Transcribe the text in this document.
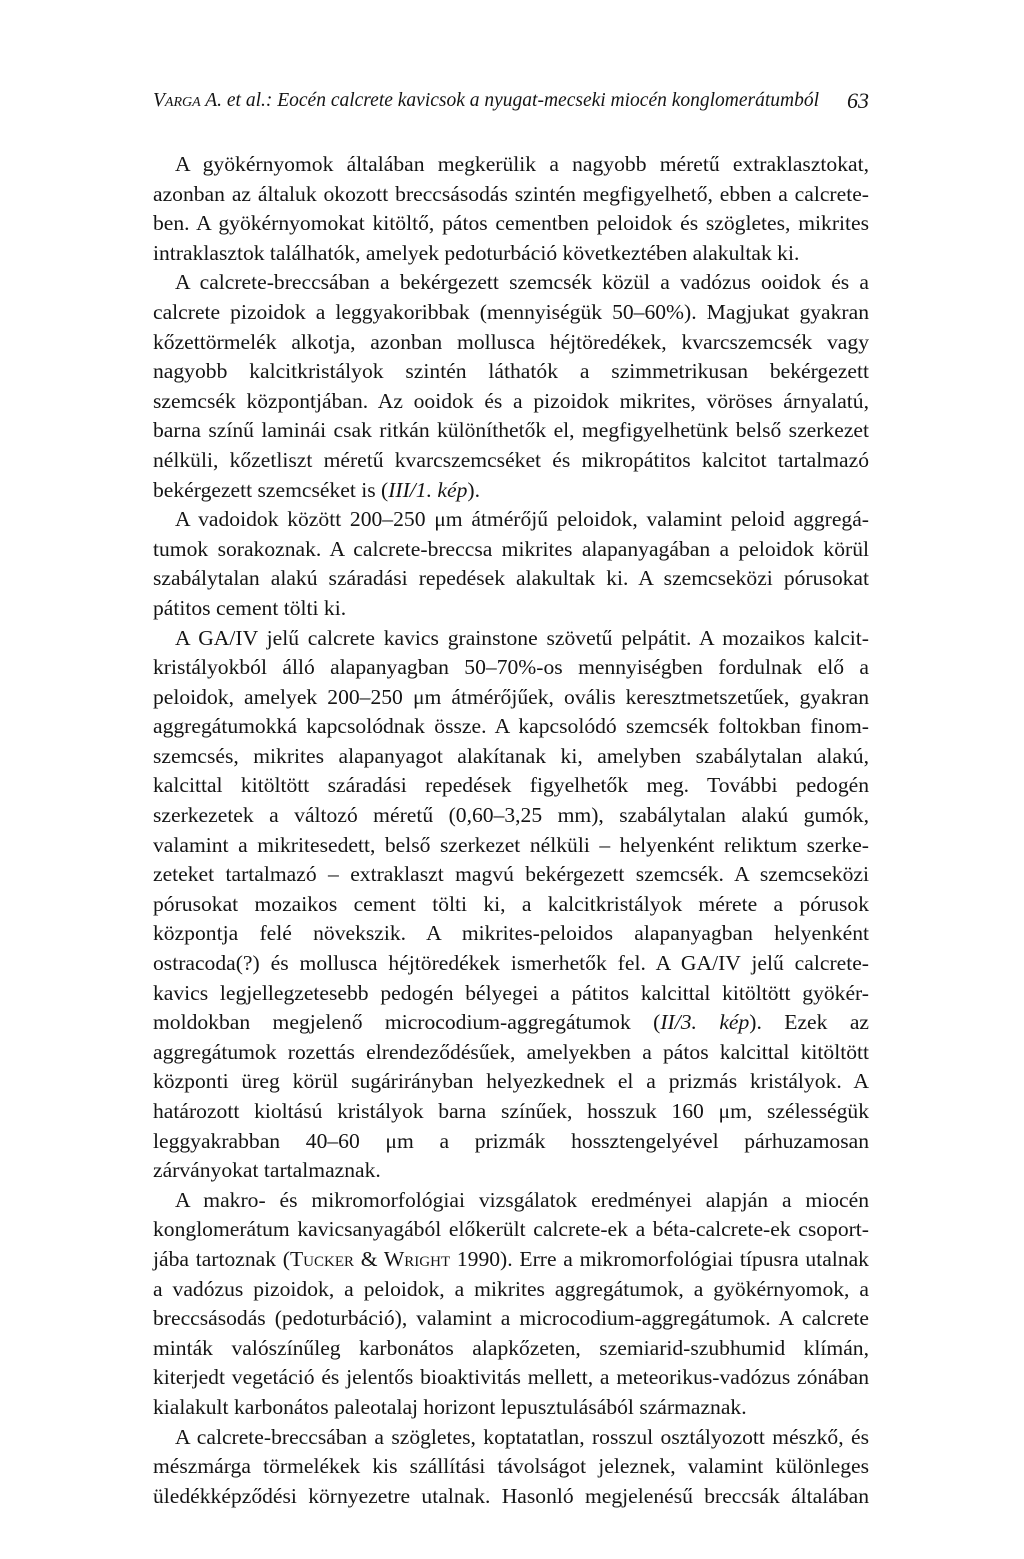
Varga A. et al.: Eocén calcrete kavicsok a nyugat-mecseki miocén konglomerátumból 63

A gyökérnyomok általában megkerülik a nagyobb méretű extraklasztokat,
azonban az általuk okozott breccsásodás szintén megfigyelhető, ebben a calcrete-
ben. A gyökérnyomokat kitöltő, pátos cementben peloidok és szögletes, mikrites
intraklasztok találhatók, amelyek pedoturbáció következtében alakultak ki.

A calcrete-breccsában a bekérgezett szemcsék közül a vadózus ooidok és a
calcrete pizoidok a leggyakoribbak (mennyiségük 50–60%). Magjukat gyakran
kőzettörmelék alkotja, azonban mollusca héjtöredékek, kvarcszemcsék vagy
nagyobb kalcitkristályok szintén láthatók a szimmetrikusan bekérgezett
szemcsék központjában. Az ooidok és a pizoidok mikrites, vöröses árnyalatú,
barna színű laminái csak ritkán különíthetők el, megfigyelhetünk belső szerkezet
nélküli, kőzetliszt méretű kvarcszemcséket és mikropátitos kalcitot tartalmazó
bekérgezett szemcséket is (III/1. kép).

A vadoidok között 200–250 μm átmérőjű peloidok, valamint peloid aggregá-
tumok sorakoznak. A calcrete-breccsa mikrites alapanyagában a peloidok körül
szabálytalan alakú száradási repedések alakultak ki. A szemcseközi pórusokat
pátitos cement tölti ki.

A GA/IV jelű calcrete kavics grainstone szövetű pelpátit. A mozaikos kalcit-
kristályokból álló alapanyagban 50–70%-os mennyiségben fordulnak elő a
peloidok, amelyek 200–250 μm átmérőjűek, ovális keresztmetszetűek, gyakran
aggregátumokká kapcsolódnak össze. A kapcsolódó szemcsék foltokban finom-
szemcsés, mikrites alapanyagot alakítanak ki, amelyben szabálytalan alakú,
kalcittal kitöltött száradási repedések figyelhetők meg. További pedogén
szerkezetek a változó méretű (0,60–3,25 mm), szabálytalan alakú gumók,
valamint a mikritesedett, belső szerkezet nélküli – helyenként reliktum szerke-
zeteket tartalmazó – extraklaszt magvú bekérgezett szemcsék. A szemcseközi
pórusokat mozaikos cement tölti ki, a kalcitkristályok mérete a pórusok
központja felé növekszik. A mikrites-peloidos alapanyagban helyenként
ostracoda(?) és mollusca héjtöredékek ismerhetők fel. A GA/IV jelű calcrete-
kavics legjellegzetesebb pedogén bélyegei a pátitos kalcittal kitöltött gyökér-
moldokban megjelenő microcodium-aggregátumok (II/3. kép). Ezek az
aggregátumok rozettás elrendeződésűek, amelyekben a pátos kalcittal kitöltött
központi üreg körül sugárirányban helyezkednek el a prizmás kristályok. A
határozott kioltású kristályok barna színűek, hosszuk 160 μm, szélességük
leggyakrabban 40–60 μm a prizmák hossztengelyével párhuzamosan
zárványokat tartalmaznak.

A makro- és mikromorfológiai vizsgálatok eredményei alapján a miocén
konglomerátum kavicsanyagából előkerült calcrete-ek a béta-calcrete-ek csoport-
jába tartoznak (Tucker & Wright 1990). Erre a mikromorfológiai típusra utalnak
a vadózus pizoidok, a peloidok, a mikrites aggregátumok, a gyökérnyomok, a
breccsásodás (pedoturbáció), valamint a microcodium-aggregátumok. A calcrete
minták valószínűleg karbonátos alapkőzeten, szemiarid-szubhumid klímán,
kiterjedt vegetáció és jelentős bioaktivitás mellett, a meteorikus-vadózus zónában
kialakult karbonátos paleotalaj horizont lepusztulásából származnak.

A calcrete-breccsában a szögletes, koptatatlan, rosszul osztályozott mészkő, és
mészmárga törmelékek kis szállítási távolságot jeleznek, valamint különleges
üledékképződési környezetre utalnak. Hasonló megjelenésű breccsák általában
